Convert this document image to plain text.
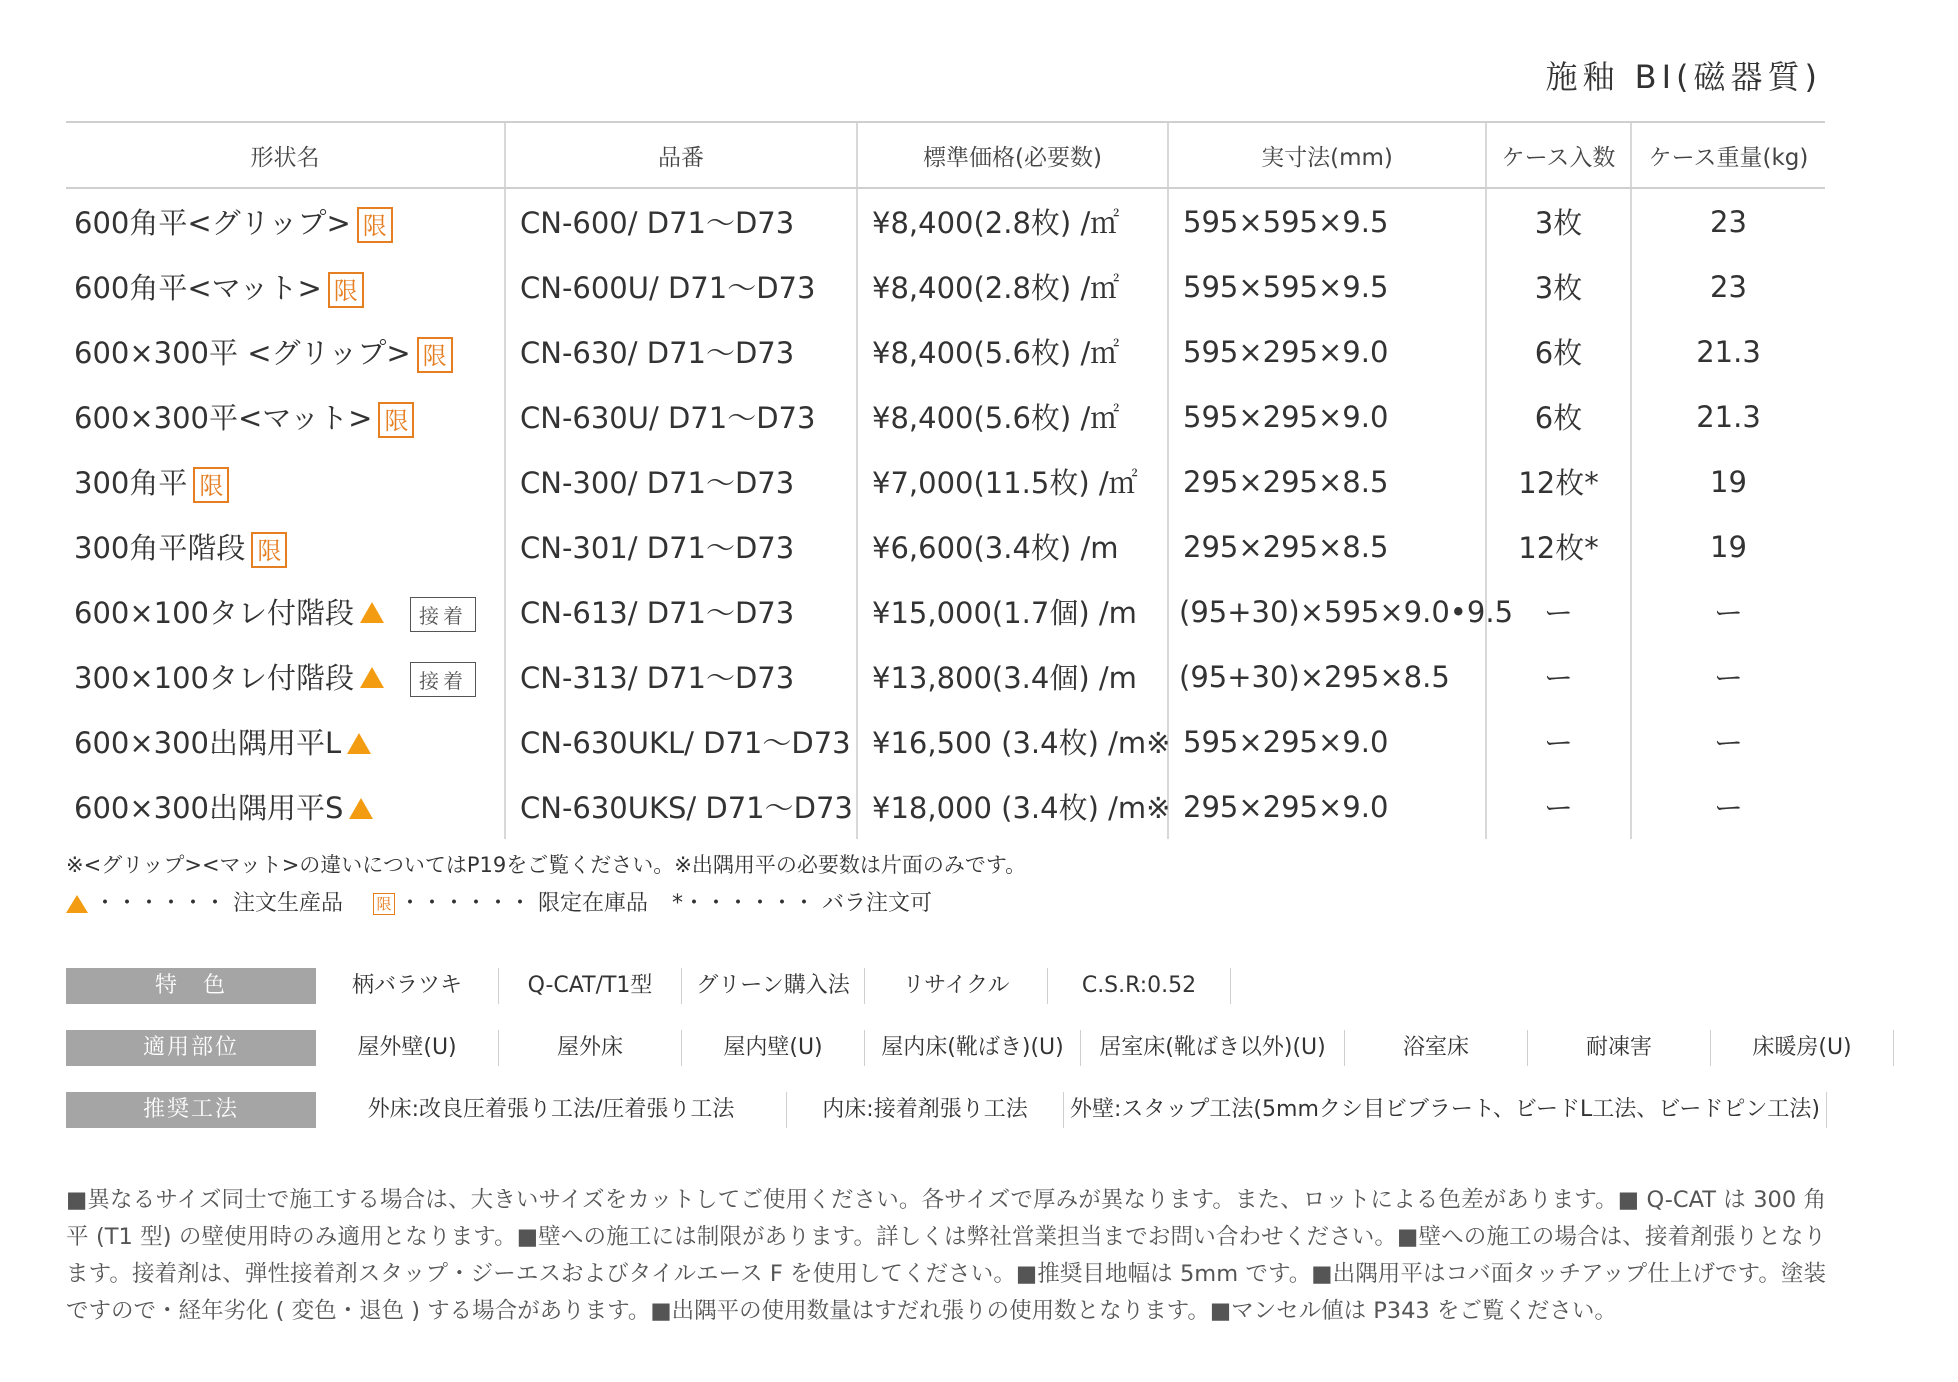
施釉 BI(磁器質)
形状名	品番	標準価格(必要数)	実寸法(mm)	ケース入数	ケース重量(kg)
600角平<グリップ> 限	CN-600/ D71〜D73	¥8,400(2.8枚) /㎡	595×595×9.5	3枚	23
600角平<マット> 限	CN-600U/ D71〜D73	¥8,400(2.8枚) /㎡	595×595×9.5	3枚	23
600×300平 <グリップ> 限	CN-630/ D71〜D73	¥8,400(5.6枚) /㎡	595×295×9.0	6枚	21.3
600×300平<マット> 限	CN-630U/ D71〜D73	¥8,400(5.6枚) /㎡	595×295×9.0	6枚	21.3
300角平 限	CN-300/ D71〜D73	¥7,000(11.5枚) /㎡	295×295×8.5	12枚*	19
300角平階段 限	CN-301/ D71〜D73	¥6,600(3.4枚) /m	295×295×8.5	12枚*	19
600×100タレ付階段 接着	CN-613/ D71〜D73	¥15,000(1.7個) /m	(95+30)×595×9.0•9.5	ー	ー
300×100タレ付階段 接着	CN-313/ D71〜D73	¥13,800(3.4個) /m	(95+30)×295×8.5	ー	ー
600×300出隅用平L	CN-630UKL/ D71〜D73	¥16,500 (3.4枚) /m※	595×295×9.0	ー	ー
600×300出隅用平S	CN-630UKS/ D71〜D73	¥18,000 (3.4枚) /m※	295×295×9.0	ー	ー
※<グリップ><マット>の違いについてはP19をご覧ください。※出隅用平の必要数は片面のみです。
・・・・・・ 注文生産品 限 ・・・・・・ 限定在庫品 *・・・・・・ バラ注文可
特　色	柄バラツキ	Q-CAT/T1型	グリーン購入法	リサイクル	C.S.R:0.52
適用部位	屋外壁(U)	屋外床	屋内壁(U)	屋内床(靴ばき)(U)	居室床(靴ばき以外)(U)	浴室床	耐凍害	床暖房(U)
推奨工法	外床:改良圧着張り工法/圧着張り工法	内床:接着剤張り工法	外壁:スタップ工法(5mmクシ目ビブラート、ビードL工法、ビードピン工法)
■異なるサイズ同士で施工する場合は、大きいサイズをカットしてご使用ください。各サイズで厚みが異なります。また、ロットによる色差があります。■ Q-CAT は 300 角平 (T1 型) の壁使用時のみ適用となります。■壁への施工には制限があります。詳しくは弊社営業担当までお問い合わせください。■壁への施工の場合は、接着剤張りとなります。接着剤は、弾性接着剤スタップ・ジーエスおよびタイルエース F を使用してください。■推奨目地幅は 5mm です。■出隅用平はコバ面タッチアップ仕上げです。塗装ですので・経年劣化 ( 変色・退色 ) する場合があります。■出隅平の使用数量はすだれ張りの使用数となります。■マンセル値は P343 をご覧ください。
